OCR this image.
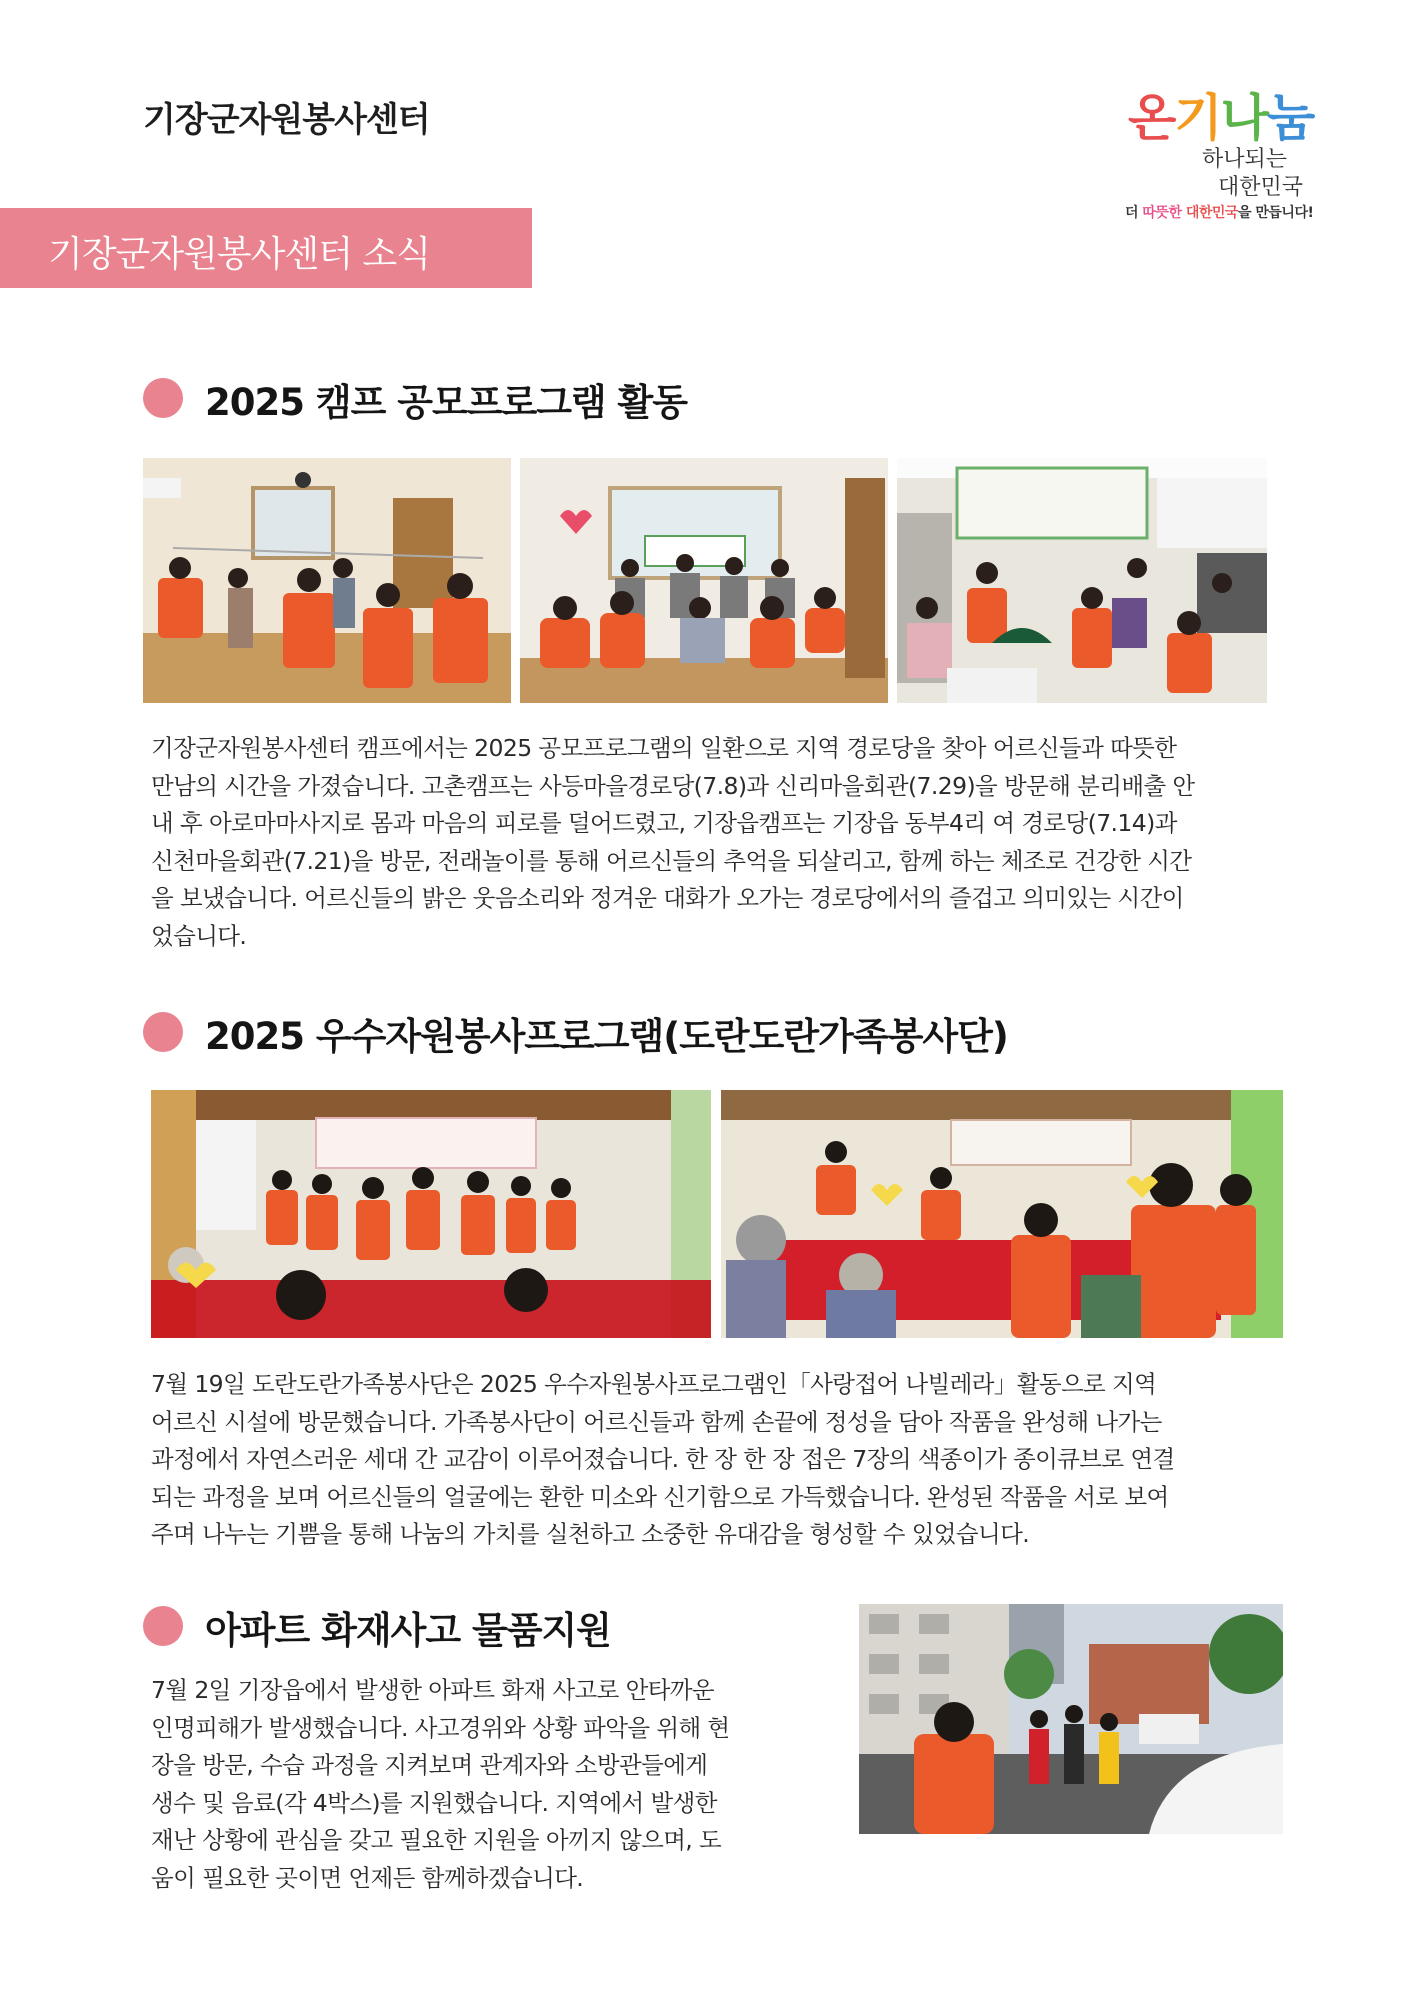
기장군자원봉사센터
기장군자원봉사센터 소식
온기나눔
하나되는
대한민국
더 따뜻한 대한민국을 만듭니다!
2025 캠프 공모프로그램 활동
기장군자원봉사센터 캠프에서는 2025 공모프로그램의 일환으로 지역 경로당을 찾아 어르신들과 따뜻한
만남의 시간을 가졌습니다. 고촌캠프는 사등마을경로당(7.8)과 신리마을회관(7.29)을 방문해 분리배출 안
내 후 아로마마사지로 몸과 마음의 피로를 덜어드렸고, 기장읍캠프는 기장읍 동부4리 여 경로당(7.14)과
신천마을회관(7.21)을 방문, 전래놀이를 통해 어르신들의 추억을 되살리고, 함께 하는 체조로 건강한 시간
을 보냈습니다. 어르신들의 밝은 웃음소리와 정겨운 대화가 오가는 경로당에서의 즐겁고 의미있는 시간이
었습니다.
2025 우수자원봉사프로그램(도란도란가족봉사단)
7월 19일 도란도란가족봉사단은 2025 우수자원봉사프로그램인「사랑접어 나빌레라」활동으로 지역
어르신 시설에 방문했습니다. 가족봉사단이 어르신들과 함께 손끝에 정성을 담아 작품을 완성해 나가는
과정에서 자연스러운 세대 간 교감이 이루어졌습니다. 한 장 한 장 접은 7장의 색종이가 종이큐브로 연결
되는 과정을 보며 어르신들의 얼굴에는 환한 미소와 신기함으로 가득했습니다. 완성된 작품을 서로 보여
주며 나누는 기쁨을 통해 나눔의 가치를 실천하고 소중한 유대감을 형성할 수 있었습니다.
아파트 화재사고 물품지원
7월 2일 기장읍에서 발생한 아파트 화재 사고로 안타까운
인명피해가 발생했습니다. 사고경위와 상황 파악을 위해 현
장을 방문, 수습 과정을 지켜보며 관계자와 소방관들에게
생수 및 음료(각 4박스)를 지원했습니다. 지역에서 발생한
재난 상황에 관심을 갖고 필요한 지원을 아끼지 않으며, 도
움이 필요한 곳이면 언제든 함께하겠습니다.
